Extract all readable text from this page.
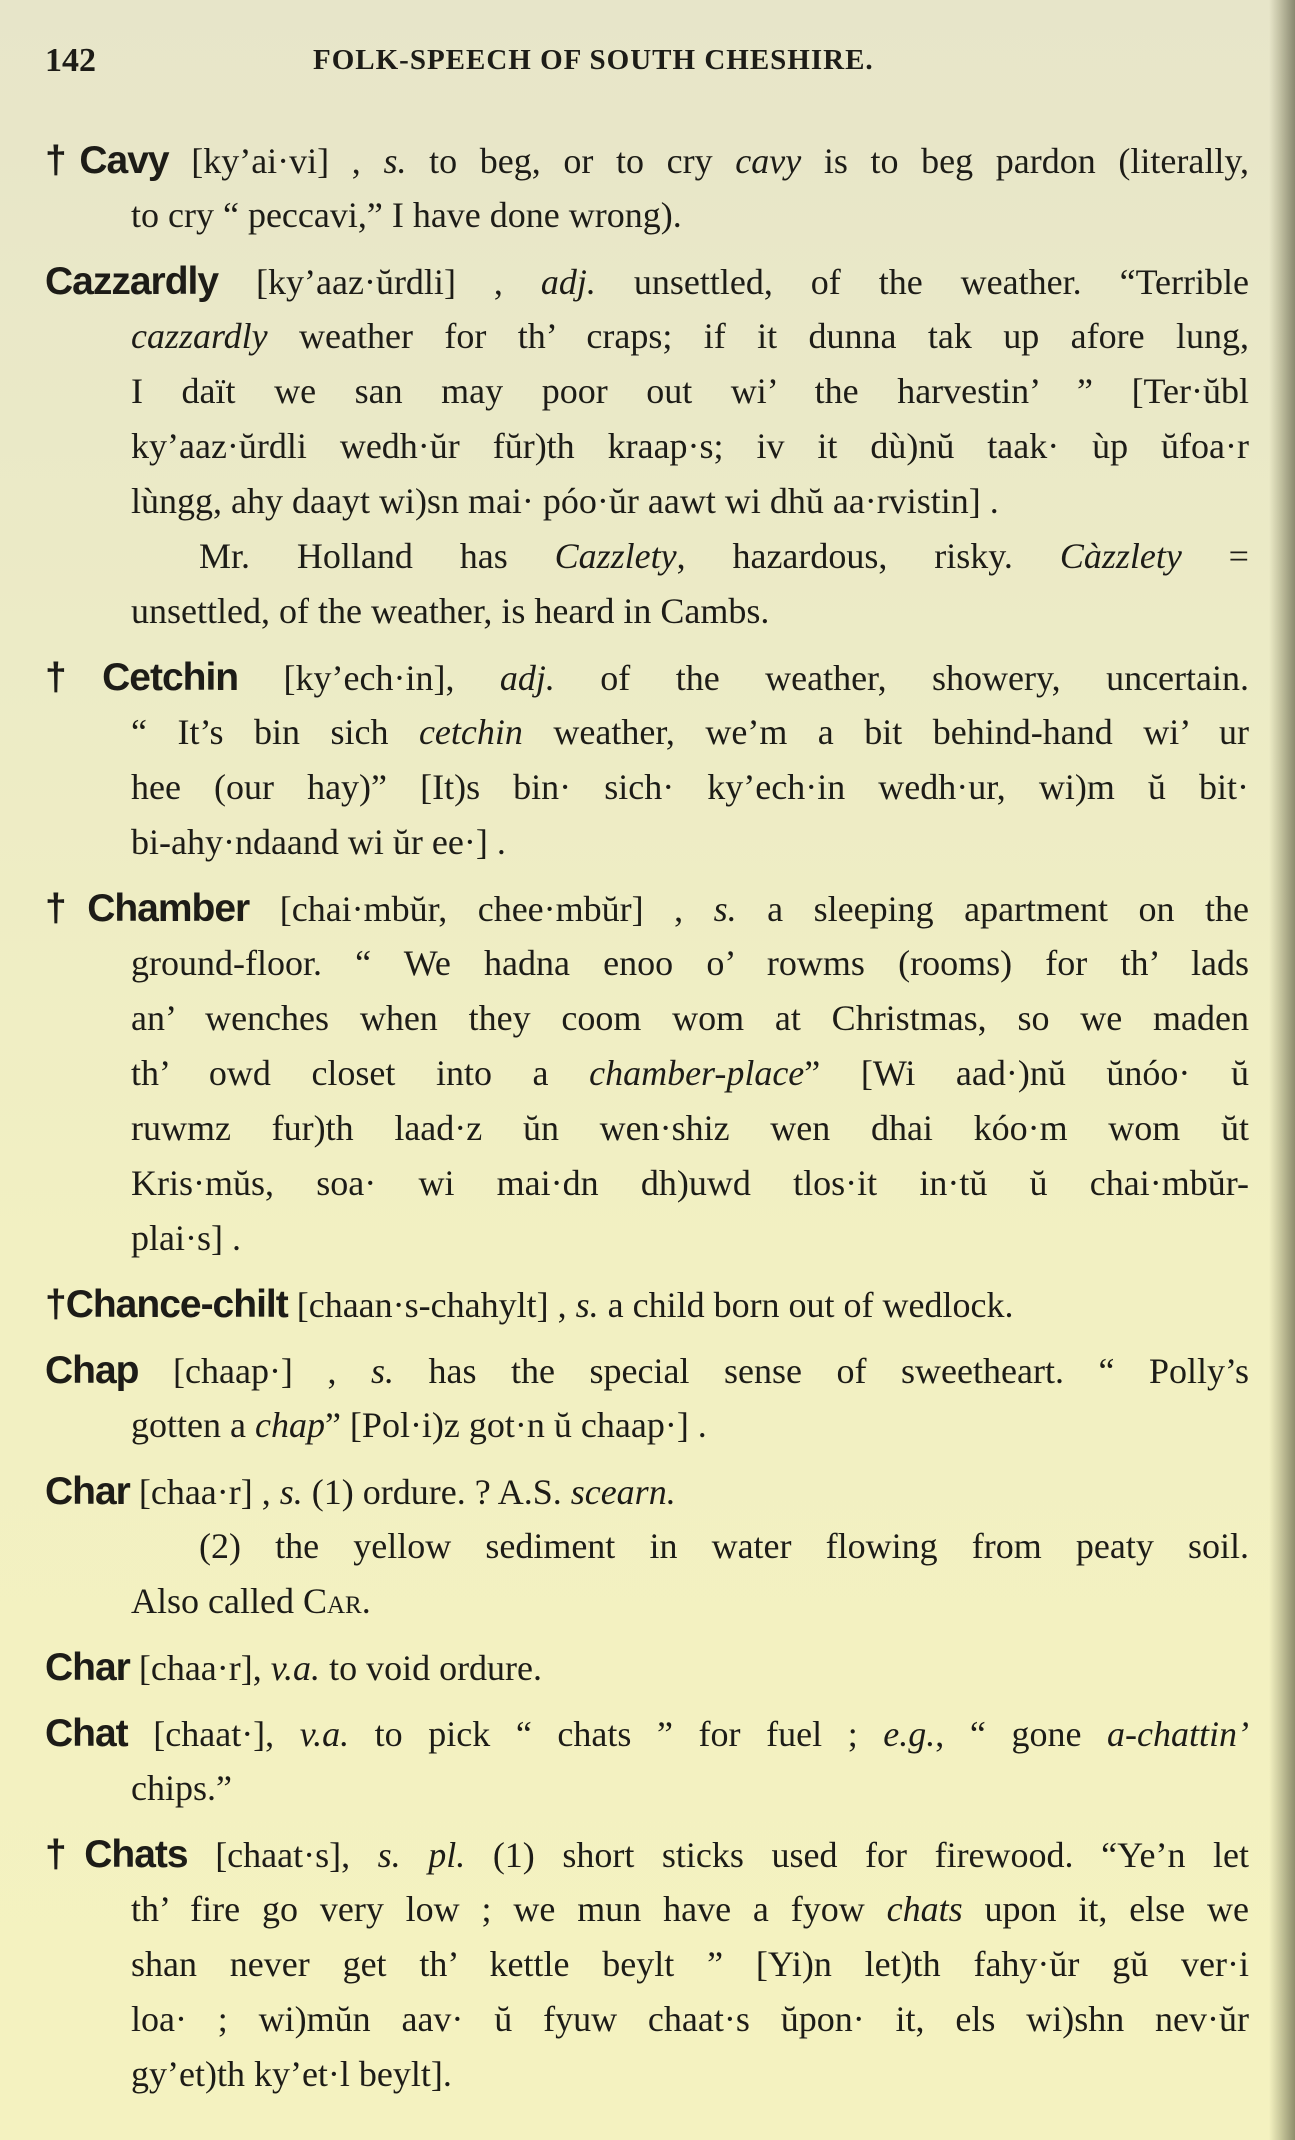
142	FOLK-SPEECH OF SOUTH CHESHIRE.
†Cavy [ky’ai·vi] , s. to beg, or to cry cavy is to beg pardon (literally,
to cry “ peccavi,” I have done wrong).
Cazzardly [ky’aaz·ŭrdli] , adj. unsettled, of the weather. “Terrible
cazzardly weather for th’ craps; if it dunna tak up afore lung,
I daït we san may poor out wi’ the harvestin’ ” [Ter·ŭbl
ky’aaz·ŭrdli wedh·ŭr fŭr)th kraap·s; iv it dù)nŭ taak· ùp ŭfoa·r
lùngg, ahy daayt wi)sn mai· póo·ŭr aawt wi dhŭ aa·rvistin] .
Mr. Holland has Cazzlety, hazardous, risky. Càzzlety =
unsettled, of the weather, is heard in Cambs.
†Cetchin [ky’ech·in], adj. of the weather, showery, uncertain.
“ It’s bin sich cetchin weather, we’m a bit behind-hand wi’ ur
hee (our hay)” [It)s bin· sich· ky’ech·in wedh·ur, wi)m ŭ bit·
bi-ahy·ndaand wi ŭr ee·] .
†Chamber [chai·mbŭr, chee·mbŭr] , s. a sleeping apartment on the
ground-floor. “ We hadna enoo o’ rowms (rooms) for th’ lads
an’ wenches when they coom wom at Christmas, so we maden
th’ owd closet into a chamber-place” [Wi aad·)nŭ ŭnóo· ŭ
ruwmz fur)th laad·z ŭn wen·shiz wen dhai kóo·m wom ŭt
Kris·mŭs, soa· wi mai·dn dh)uwd tlos·it in·tŭ ŭ chai·mbŭr-
plai·s] .
†Chance-chilt [chaan·s-chahylt] , s. a child born out of wedlock.
Chap [chaap·] , s. has the special sense of sweetheart. “ Polly’s
gotten a chap” [Pol·i)z got·n ŭ chaap·] .
Char [chaa·r] , s. (1) ordure. ? A.S. scearn.
(2) the yellow sediment in water flowing from peaty soil.
Also called Car.
Char [chaa·r], v.a. to void ordure.
Chat [chaat·], v.a. to pick “ chats ” for fuel ; e.g., “ gone a-chattin’
chips.”
†Chats [chaat·s], s. pl. (1) short sticks used for firewood. “Ye’n let
th’ fire go very low ; we mun have a fyow chats upon it, else we
shan never get th’ kettle beylt ” [Yi)n let)th fahy·ŭr gŭ ver·i
loa· ; wi)mŭn aav· ŭ fyuw chaat·s ŭpon· it, els wi)shn nev·ŭr
gy’et)th ky’et·l beylt].
